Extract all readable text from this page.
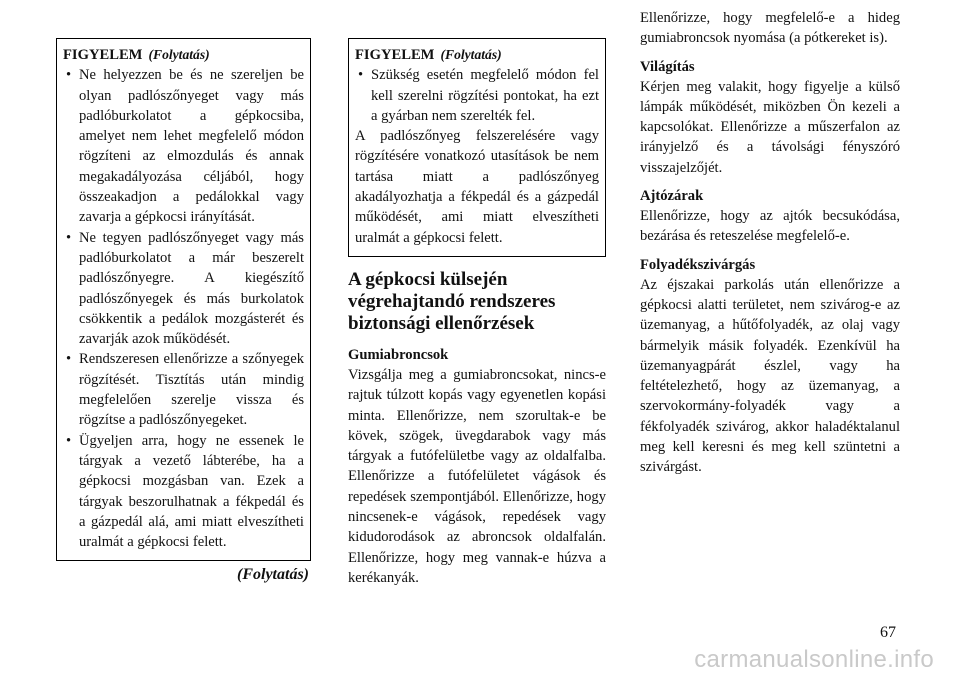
FIGYELEM (Folytatás)
• Ne helyezzen be és ne szereljen be olyan padlószőnyeget vagy más padlóburkolatot a gépkocsiba, amelyet nem lehet megfelelő módon rögzíteni az elmozdulás és annak megakadályozása céljából, hogy összeakadjon a pedálokkal vagy zavarja a gépkocsi irányítását.
• Ne tegyen padlószőnyeget vagy más padlóburkolatot a már beszerelt padlószőnyegre. A kiegészítő padlószőnyegek és más burkolatok csökkentik a pedálok mozgásterét és zavarják azok működését.
• Rendszeresen ellenőrizze a szőnyegek rögzítését. Tisztítás után mindig megfelelően szerelje vissza és rögzítse a padlószőnyegeket.
• Ügyeljen arra, hogy ne essenek le tárgyak a vezető lábterébe, ha a gépkocsi mozgásban van. Ezek a tárgyak beszorulhatnak a fékpedál és a gázpedál alá, ami miatt elveszítheti uralmát a gépkocsi felett.
(Folytatás)
FIGYELEM (Folytatás)
• Szükség esetén megfelelő módon fel kell szerelni rögzítési pontokat, ha ezt a gyárban nem szerelték fel.

A padlószőnyeg felszerelésére vagy rögzítésére vonatkozó utasítások be nem tartása miatt a padlószőnyeg akadályozhatja a fékpedál és a gázpedál működését, ami miatt elveszítheti uralmát a gépkocsi felett.

A gépkocsi külsején végrehajtandó rendszeres biztonsági ellenőrzések
Gumiabroncsok

Vizsgálja meg a gumiabroncsokat, nincs-e rajtuk túlzott kopás vagy egyenetlen kopási minta. Ellenőrizze, nem szorultak-e be kövek, szögek, üvegdarabok vagy más tárgyak a futófelületbe vagy az oldalfalba. Ellenőrizze a futófelületet vágások és repedések szempontjából. Ellenőrizze, hogy nincsenek-e vágások, repedések vagy kidudorodások az abroncsok oldalfalán. Ellenőrizze, hogy meg vannak-e húzva a kerékanyák.

Ellenőrizze, hogy megfelelő-e a hideg gumiabroncsok nyomása (a pótkereket is).

Világítás

Kérjen meg valakit, hogy figyelje a külső lámpák működését, miközben Ön kezeli a kapcsolókat. Ellenőrizze a műszerfalon az irányjelző és a távolsági fényszóró visszajelzőjét.

Ajtózárak

Ellenőrizze, hogy az ajtók becsukódása, bezárása és reteszelése megfelelő-e.

Folyadékszivárgás

Az éjszakai parkolás után ellenőrizze a gépkocsi alatti területet, nem szivárog-e az üzemanyag, a hűtőfolyadék, az olaj vagy bármelyik másik folyadék. Ezenkívül ha üzemanyagpárát észlel, vagy ha feltételezhető, hogy az üzemanyag, a szervokormány-folyadék vagy a fékfolyadék szivárog, akkor haladéktalanul meg kell keresni és meg kell szüntetni a szivárgást.

67
carmanualsonline.info
